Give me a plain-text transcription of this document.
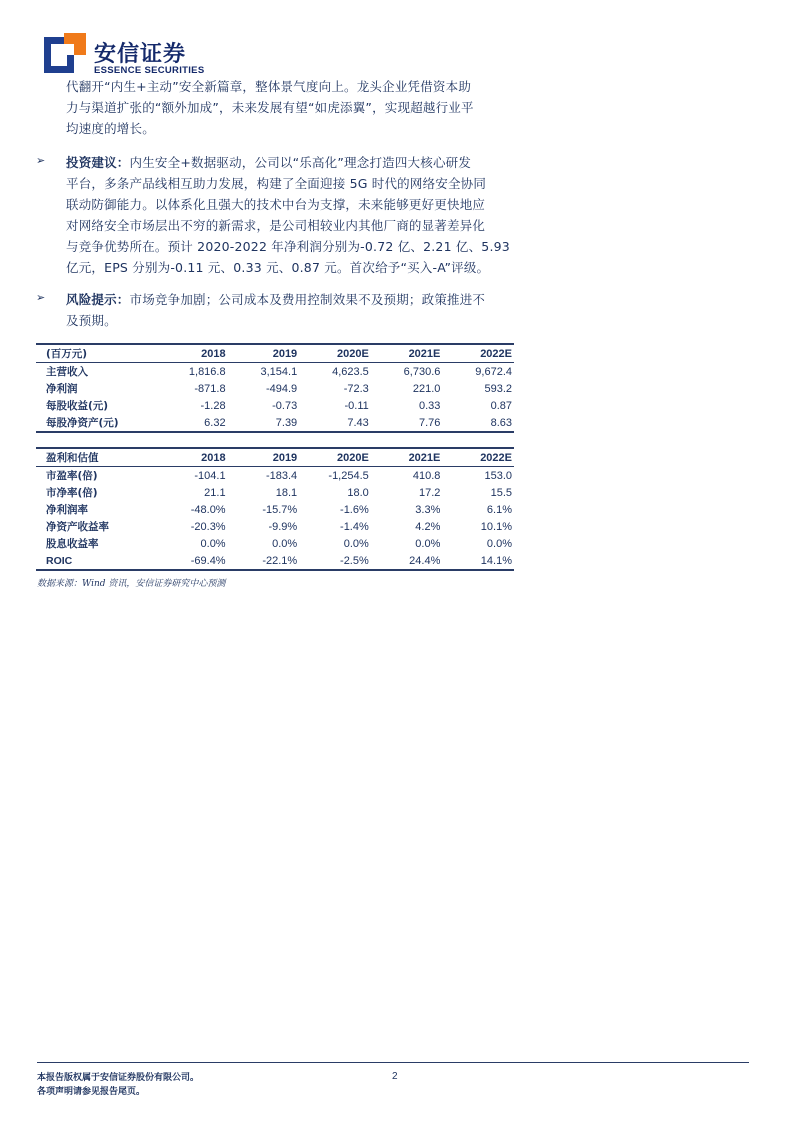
安信证券
ESSENCE SECURITIES
代翻开“内生+主动”安全新篇章，整体景气度向上。龙头企业凭借资本助
力与渠道扩张的“额外加成”，未来发展有望“如虎添翼”，实现超越行业平
均速度的增长。
➢ 投资建议：内生安全+数据驱动，公司以“乐高化”理念打造四大核心研发
平台，多条产品线相互助力发展，构建了全面迎接 5G 时代的网络安全协同
联动防御能力。以体系化且强大的技术中台为支撑，未来能够更好更快地应
对网络安全市场层出不穷的新需求，是公司相较业内其他厂商的显著差异化
与竞争优势所在。预计 2020-2022 年净利润分别为-0.72 亿、2.21 亿、5.93
亿元，EPS 分别为-0.11 元、0.33 元、0.87 元。首次给予“买入-A”评级。
➢ 风险提示：市场竞争加剧；公司成本及费用控制效果不及预期；政策推进不
及预期。
(百万元)	2018	2019	2020E	2021E	2022E
主营收入	1,816.8	3,154.1	4,623.5	6,730.6	9,672.4
净利润	-871.8	-494.9	-72.3	221.0	593.2
每股收益(元)	-1.28	-0.73	-0.11	0.33	0.87
每股净资产(元)	6.32	7.39	7.43	7.76	8.63
盈利和估值	2018	2019	2020E	2021E	2022E
市盈率(倍)	-104.1	-183.4	-1,254.5	410.8	153.0
市净率(倍)	21.1	18.1	18.0	17.2	15.5
净利润率	-48.0%	-15.7%	-1.6%	3.3%	6.1%
净资产收益率	-20.3%	-9.9%	-1.4%	4.2%	10.1%
股息收益率	0.0%	0.0%	0.0%	0.0%	0.0%
ROIC	-69.4%	-22.1%	-2.5%	24.4%	14.1%
数据来源：Wind 资讯，安信证券研究中心预测
本报告版权属于安信证券股份有限公司。
各项声明请参见报告尾页。
2
